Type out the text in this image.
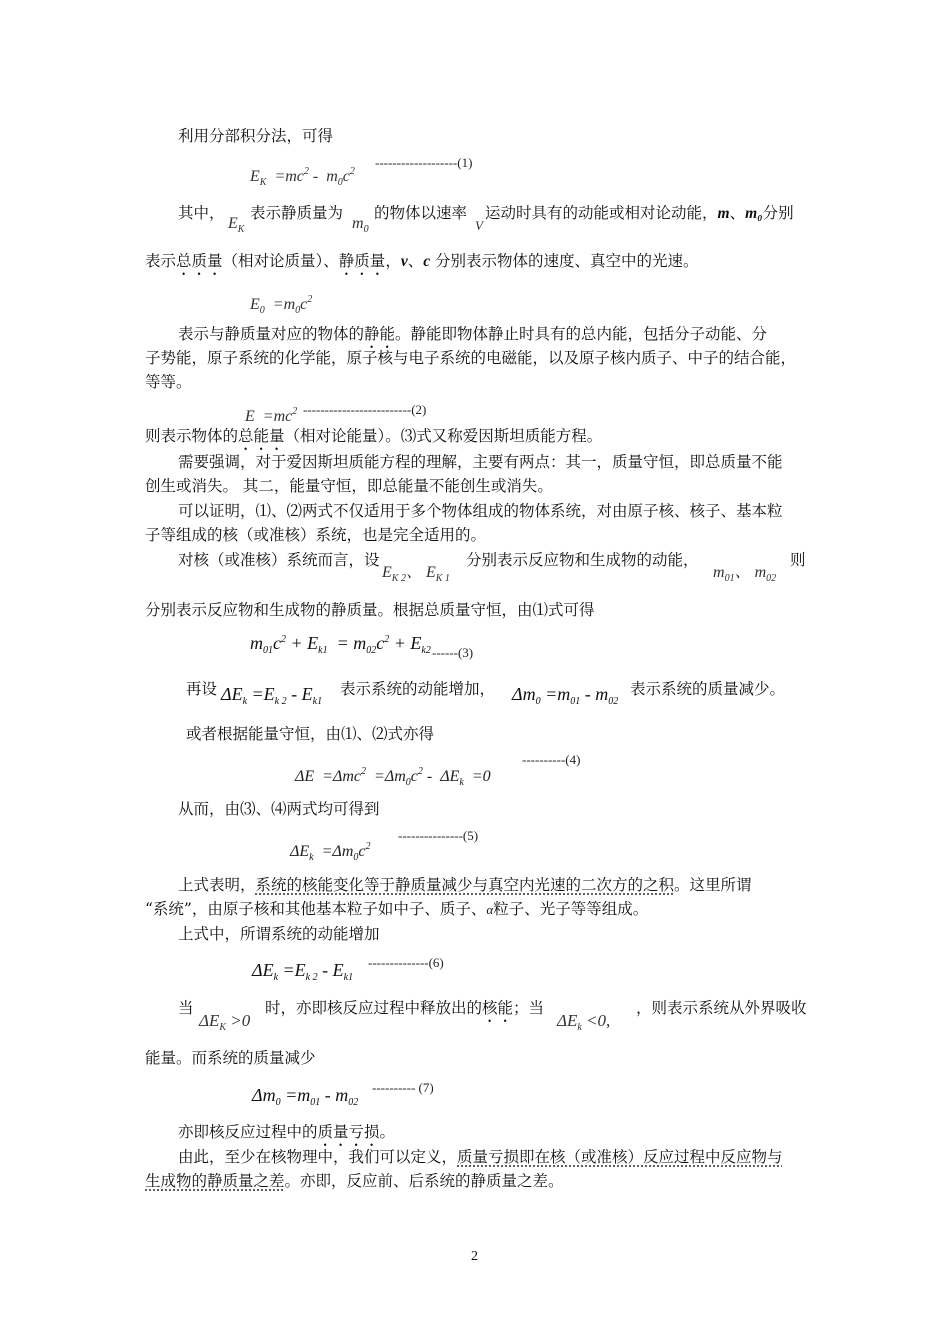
利用分部积分法，可得
$E_K =mc^2 - m_0c^2$
-------------------(1)
其中，
$E_K$
表示静质量为
$m_0$
的物体以速率
V
运动时具有的动能或相对论动能，m、m₀分别
表示总质量（相对论质量）、静质量，v、c 分别表示物体的速度、真空中的光速。
$E_0 =m_0c^2$
表示与静质量对应的物体的静能。静能即物体静止时具有的总内能，包括分子动能、分
子势能，原子系统的化学能，原子核与电子系统的电磁能，以及原子核内质子、中子的结合能，
等等。
$E =mc^2$ -------------------------(2)
则表示物体的总能量（相对论能量）。⑶式又称爱因斯坦质能方程。
需要强调，对于爱因斯坦质能方程的理解，主要有两点：其一，质量守恒，即总质量不能
创生或消失。 其二，能量守恒，即总能量不能创生或消失。
可以证明，⑴、⑵两式不仅适用于多个物体组成的物体系统，对由原子核、核子、基本粒
子等组成的核（或准核）系统，也是完全适用的。
对核（或准核）系统而言，设
$E_{K 2}$、 $E_{K 1}$
分别表示反应物和生成物的动能，
$m_{01}$、 $m_{02}$
则
分别表示反应物和生成物的静质量。根据总质量守恒，由⑴式可得
$m_{01}c^2 + E_{k1} = m_{02}c^2 + E_{k2}$ ------(3)
再设 $\Delta E_k =E_{k 2} - E_{k1}$
表示系统的动能增加， $\Delta m_0 =m_{01} - m_{02}$
表示系统的质量减少。
或者根据能量守恒，由⑴、⑵式亦得
$\Delta E =\Delta mc^2 =\Delta m_0c^2 - \Delta E_k =0$
----------(4)
从而，由⑶、⑷两式均可得到
$\Delta E_k =\Delta m_0c^2$
---------------(5)
上式表明，系统的核能变化等于静质量减少与真空内光速的二次方的之积。这里所谓
“系统”，由原子核和其他基本粒子如中子、质子、α粒子、光子等等组成。
上式中，所谓系统的动能增加
$\Delta E_k =E_{k 2} - E_{k1}$
--------------(6)
当
$\Delta E_K >0$
时，亦即核反应过程中释放出的核能；当
$\Delta E_k <0$,
，则表示系统从外界吸收
能量。而系统的质量减少
$\Delta m_0 =m_{01} - m_{02}$
---------- (7)
亦即核反应过程中的质量亏损。
由此，至少在核物理中，我们可以定义，质量亏损即在核（或准核）反应过程中反应物与
生成物的静质量之差。亦即，反应前、后系统的静质量之差。
2
